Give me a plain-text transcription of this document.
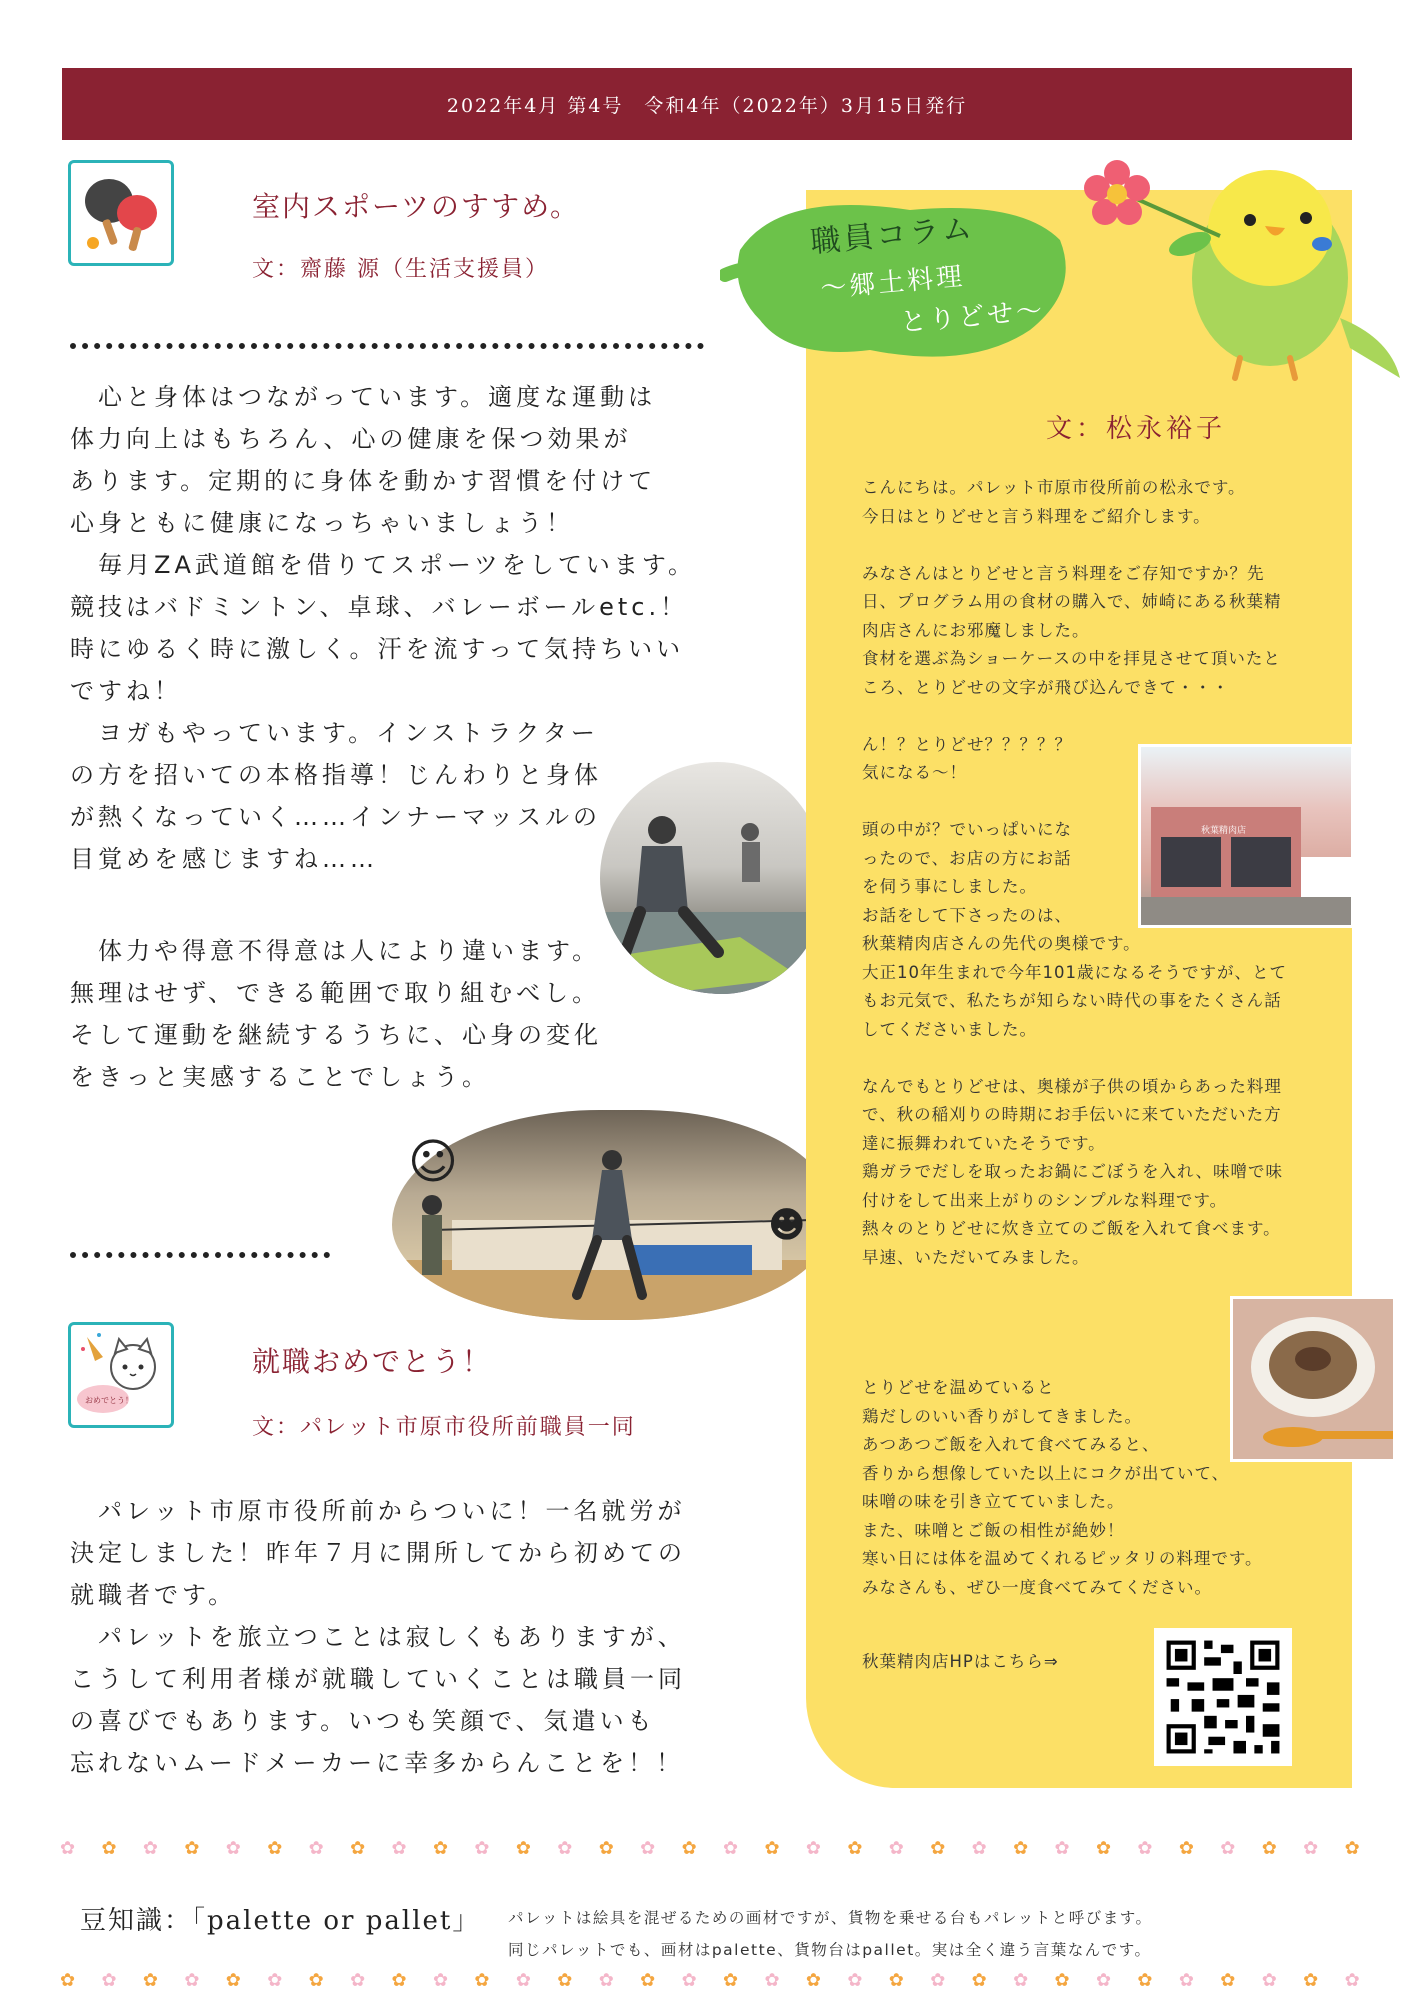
2022年4月 第4号　令和4年（2022年）3月15日発行
室内スポーツのすすめ。
文：齋藤 源（生活支援員）

　心と身体はつながっています。適度な運動は
体力向上はもちろん、心の健康を保つ効果が
あります。定期的に身体を動かす習慣を付けて
心身ともに健康になっちゃいましょう！
　毎月ZA武道館を借りてスポーツをしています。
競技はバドミントン、卓球、バレーボールetc.！
時にゆるく時に激しく。汗を流すって気持ちいい
ですね！
　ヨガもやっています。インストラクター
の方を招いての本格指導！じんわりと身体
が熱くなっていく……インナーマッスルの
目覚めを感じますね……

　体力や得意不得意は人により違います。
無理はせず、できる範囲で取り組むべし。
そして運動を継続するうちに、心身の変化
をきっと実感することでしょう。

☺
☻
おめでとう！
就職おめでとう！
文：パレット市原市役所前職員一同

　パレット市原市役所前からついに！一名就労が
決定しました！昨年７月に開所してから初めての
就職者です。
　パレットを旅立つことは寂しくもありますが、
こうして利用者様が就職していくことは職員一同
の喜びでもあります。いつも笑顔で、気遣いも
忘れないムードメーカーに幸多からんことを！！

職員コラム
～郷土料理
とりどせ～
文：松永裕子

こんにちは。パレット市原市役所前の松永です。
今日はとりどせと言う料理をご紹介します。

みなさんはとりどせと言う料理をご存知ですか？先
日、プログラム用の食材の購入で、姉崎にある秋葉精
肉店さんにお邪魔しました。
食材を選ぶ為ショーケースの中を拝見させて頂いたと
ころ、とりどせの文字が飛び込んできて・・・

ん！？とりどせ？？？？？
気になる～！

頭の中が？でいっぱいにな
ったので、お店の方にお話
を伺う事にしました。
お話をして下さったのは、
秋葉精肉店さんの先代の奥様です。
大正10年生まれで今年101歳になるそうですが、とて
もお元気で、私たちが知らない時代の事をたくさん話
してくださいました。

なんでもとりどせは、奥様が子供の頃からあった料理
で、秋の稲刈りの時期にお手伝いに来ていただいた方
達に振舞われていたそうです。
鶏ガラでだしを取ったお鍋にごぼうを入れ、味噌で味
付けをして出来上がりのシンプルな料理です。
熱々のとりどせに炊き立てのご飯を入れて食べます。
早速、いただいてみました。

秋葉精肉店

とりどせを温めていると
鶏だしのいい香りがしてきました。
あつあつご飯を入れて食べてみると、
香りから想像していた以上にコクが出ていて、
味噌の味を引き立てていました。
また、味噌とご飯の相性が絶妙！
寒い日には体を温めてくれるピッタリの料理です。
みなさんも、ぜひ一度食べてみてください。

秋葉精肉店HPはこちら⇒
✿ ✿ ✿ ✿ ✿ ✿ ✿ ✿ ✿ ✿ ✿ ✿ ✿ ✿ ✿ ✿ ✿ ✿ ✿ ✿ ✿ ✿ ✿ ✿ ✿ ✿ ✿ ✿ ✿ ✿ ✿ ✿
豆知識：「palette or pallet」 パレットは絵具を混ぜるための画材ですが、貨物を乗せる台もパレットと呼びます。
同じパレットでも、画材はpalette、貨物台はpallet。実は全く違う言葉なんです。
✿ ✿ ✿ ✿ ✿ ✿ ✿ ✿ ✿ ✿ ✿ ✿ ✿ ✿ ✿ ✿ ✿ ✿ ✿ ✿ ✿ ✿ ✿ ✿ ✿ ✿ ✿ ✿ ✿ ✿ ✿ ✿
